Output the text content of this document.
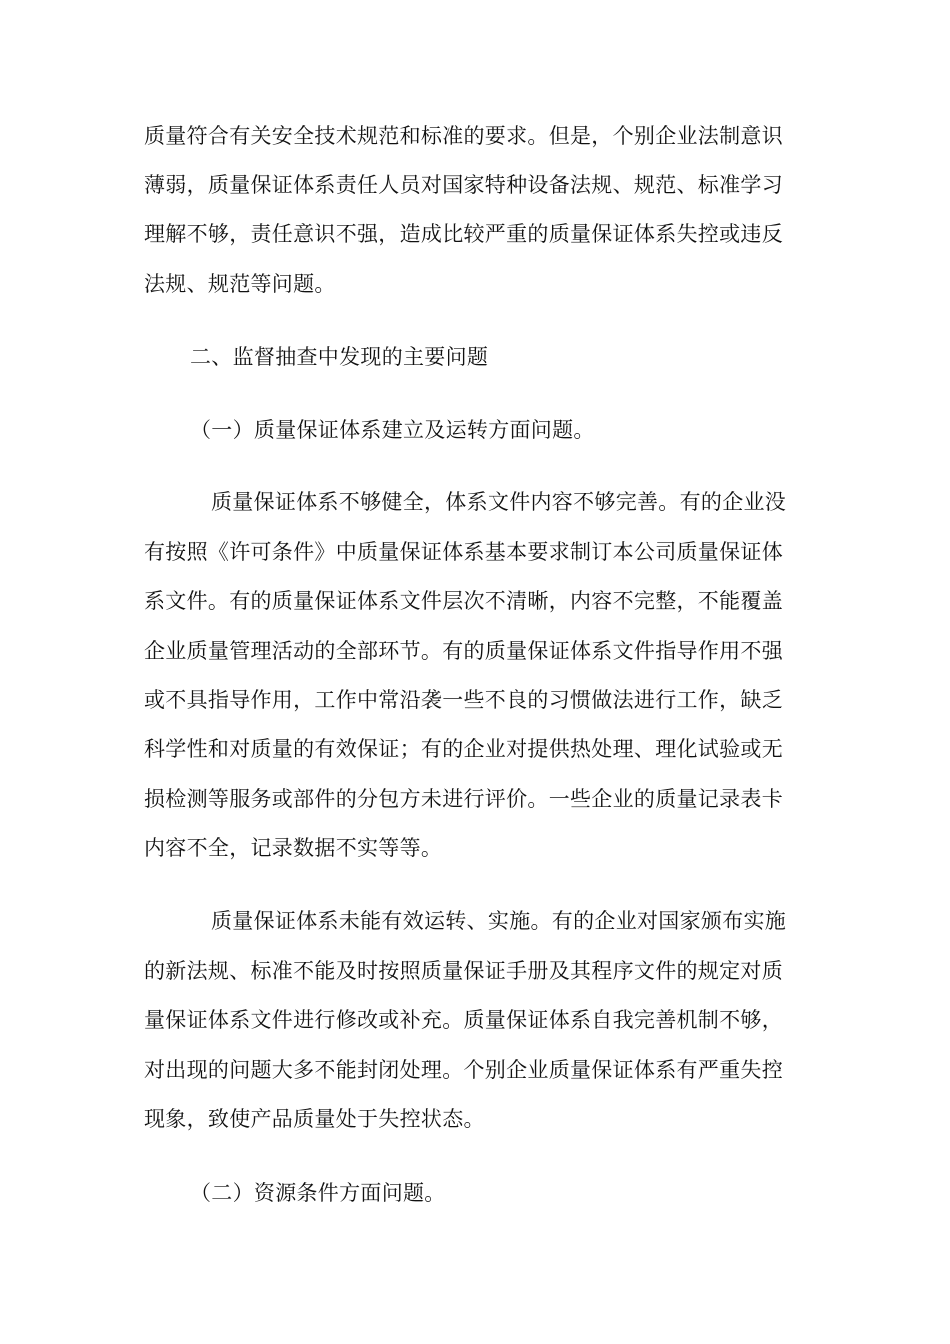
质量符合有关安全技术规范和标准的要求。但是，个别企业法制意识
薄弱，质量保证体系责任人员对国家特种设备法规、规范、标准学习
理解不够，责任意识不强，造成比较严重的质量保证体系失控或违反
法规、规范等问题。
二、监督抽查中发现的主要问题
（一）质量保证体系建立及运转方面问题。
质量保证体系不够健全，体系文件内容不够完善。有的企业没
有按照《许可条件》中质量保证体系基本要求制订本公司质量保证体
系文件。有的质量保证体系文件层次不清晰，内容不完整，不能覆盖
企业质量管理活动的全部环节。有的质量保证体系文件指导作用不强
或不具指导作用，工作中常沿袭一些不良的习惯做法进行工作，缺乏
科学性和对质量的有效保证；有的企业对提供热处理、理化试验或无
损检测等服务或部件的分包方未进行评价。一些企业的质量记录表卡
内容不全，记录数据不实等等。
质量保证体系未能有效运转、实施。有的企业对国家颁布实施
的新法规、标准不能及时按照质量保证手册及其程序文件的规定对质
量保证体系文件进行修改或补充。质量保证体系自我完善机制不够，
对出现的问题大多不能封闭处理。个别企业质量保证体系有严重失控
现象，致使产品质量处于失控状态。
（二）资源条件方面问题。
